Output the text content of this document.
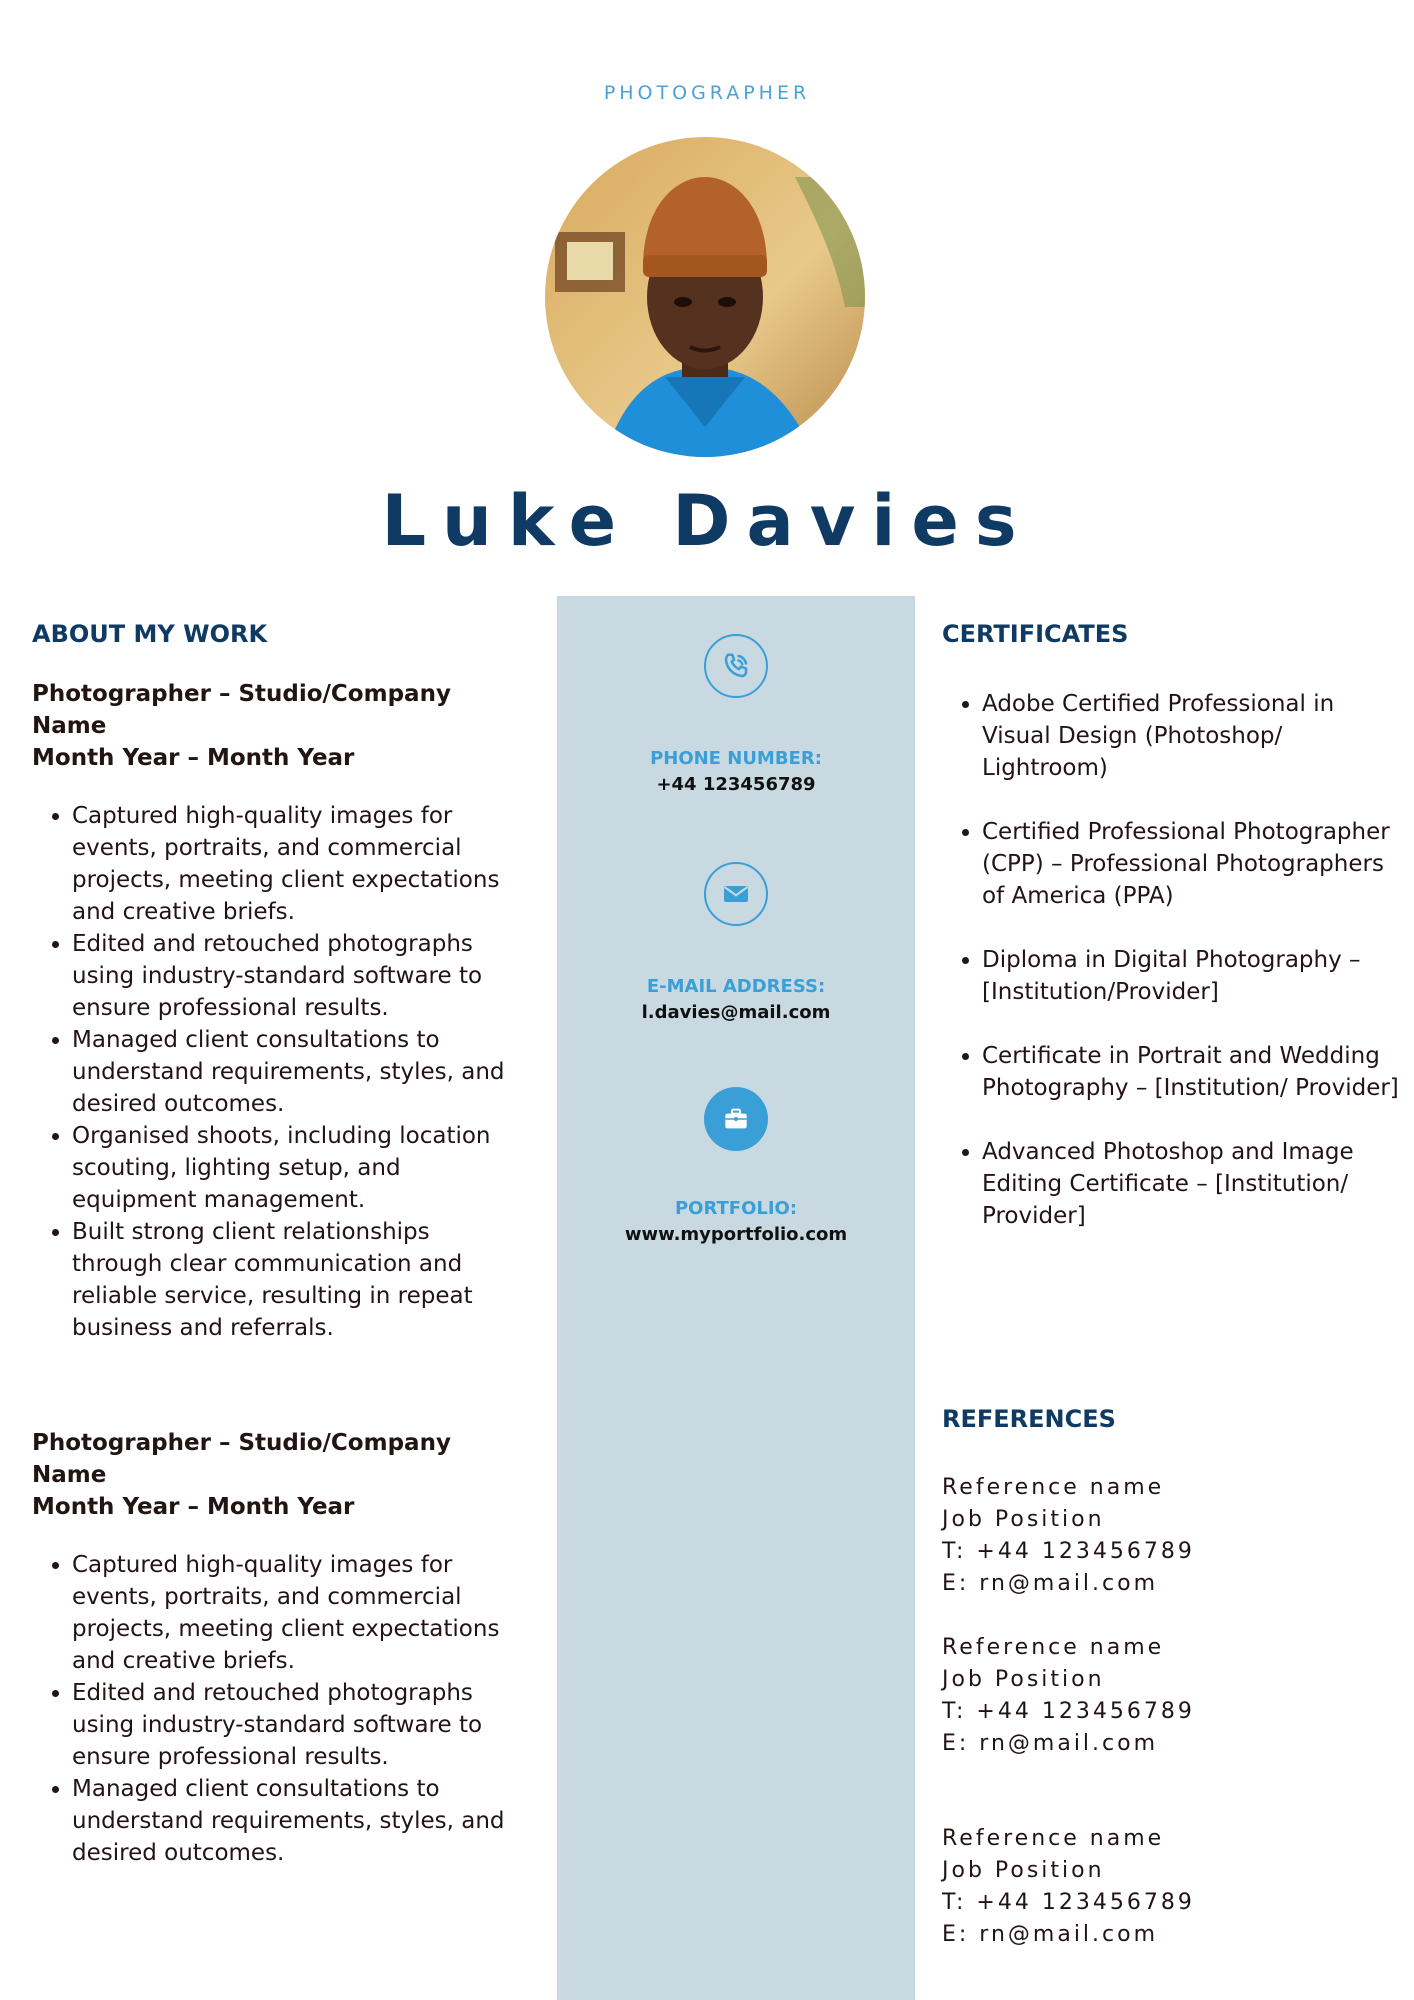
PHOTOGRAPHER
Luke Davies
PHONE NUMBER:
+44 123456789
E-MAIL ADDRESS:
l.davies@mail.com
PORTFOLIO:
www.myportfolio.com
ABOUT MY WORK
Photographer – Studio/Company Name
Month Year – Month Year
• Captured high-quality images for events, portraits, and commercial projects, meeting client expectations and creative briefs.
• Edited and retouched photographs using industry-standard software to ensure professional results.
• Managed client consultations to understand requirements, styles, and desired outcomes.
• Organised shoots, including location scouting, lighting setup, and equipment management.
• Built strong client relationships through clear communication and reliable service, resulting in repeat business and referrals.
Photographer – Studio/Company Name
Month Year – Month Year
• Captured high-quality images for events, portraits, and commercial projects, meeting client expectations and creative briefs.
• Edited and retouched photographs using industry-standard software to ensure professional results.
• Managed client consultations to understand requirements, styles, and desired outcomes.
CERTIFICATES
• Adobe Certified Professional in Visual Design (Photoshop/ Lightroom)
• Certified Professional Photographer (CPP) – Professional Photographers of America (PPA)
• Diploma in Digital Photography – [Institution/Provider]
• Certificate in Portrait and Wedding Photography – [Institution/ Provider]
• Advanced Photoshop and Image Editing Certificate – [Institution/ Provider]
REFERENCES
Reference name
Job Position
T: +44 123456789
E: rn@mail.com
Reference name
Job Position
T: +44 123456789
E: rn@mail.com
Reference name
Job Position
T: +44 123456789
E: rn@mail.com
